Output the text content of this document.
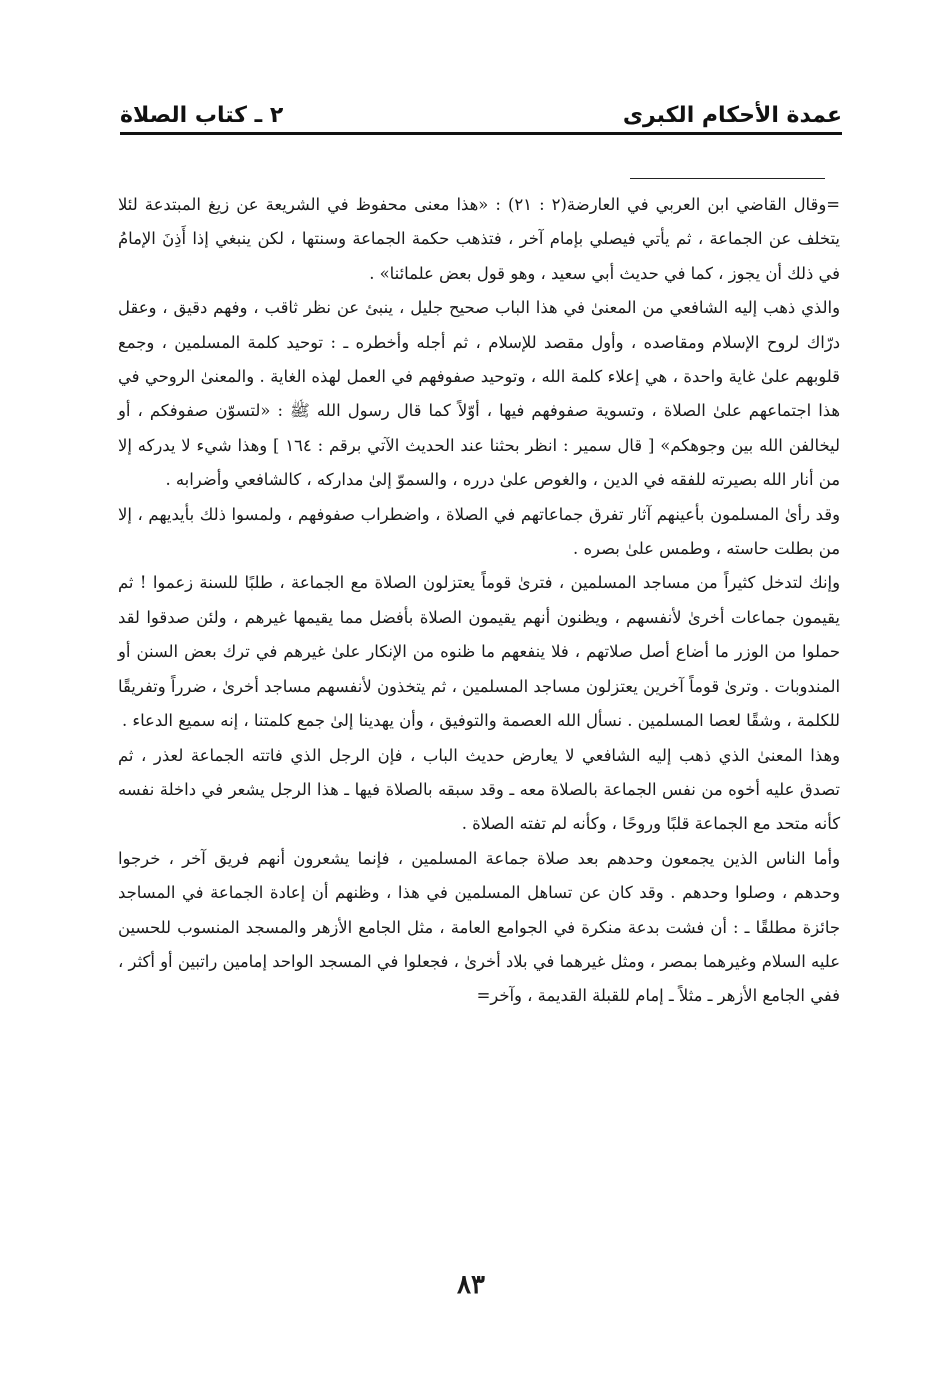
عمدة الأحكام الكبرى
٢ ـ كتاب الصلاة

=وقال القاضي ابن العربي في العارضة(٢ : ٢١) : «هذا معنى محفوظ في الشريعة عن زيغ المبتدعة لئلا يتخلف عن الجماعة ، ثم يأتي فيصلي بإمام آخر ، فتذهب حكمة الجماعة وسنتها ، لكن ينبغي إذا أَذِنَ الإمامُ في ذلك أن يجوز ، كما في حديث أبي سعيد ، وهو قول بعض علمائنا» .

والذي ذهب إليه الشافعي من المعنىٰ في هذا الباب صحيح جليل ، ينبئ عن نظر ثاقب ، وفهم دقيق ، وعقل درّاك لروح الإسلام ومقاصده ، وأول مقصد للإسلام ، ثم أجله وأخطره ـ : توحيد كلمة المسلمين ، وجمع قلوبهم علىٰ غاية واحدة ، هي إعلاء كلمة الله ، وتوحيد صفوفهم في العمل لهذه الغاية . والمعنىٰ الروحي في هذا اجتماعهم علىٰ الصلاة ، وتسوية صفوفهم فيها ، أوّلاً كما قال رسول الله ﷺ : «لتسوّن صفوفكم ، أو ليخالفن الله بين وجوهكم» [ قال سمير : انظر بحثنا عند الحديث الآتي برقم : ١٦٤ ] وهذا شيء لا يدركه إلا من أنار الله بصيرته للفقه في الدين ، والغوص علىٰ درره ، والسموّ إلىٰ مداركه ، كالشافعي وأضرابه .

وقد رأىٰ المسلمون بأعينهم آثار تفرق جماعاتهم في الصلاة ، واضطراب صفوفهم ، ولمسوا ذلك بأيديهم ، إلا من بطلت حاسته ، وطمس علىٰ بصره .

وإنك لتدخل كثيراً من مساجد المسلمين ، فترىٰ قوماً يعتزلون الصلاة مع الجماعة ، طلبًا للسنة زعموا ! ثم يقيمون جماعات أخرىٰ لأنفسهم ، ويظنون أنهم يقيمون الصلاة بأفضل مما يقيمها غيرهم ، ولئن صدقوا لقد حملوا من الوزر ما أضاع أصل صلاتهم ، فلا ينفعهم ما ظنوه من الإنكار علىٰ غيرهم في ترك بعض السنن أو المندوبات . وترىٰ قوماً آخرين يعتزلون مساجد المسلمين ، ثم يتخذون لأنفسهم مساجد أخرىٰ ، ضرراً وتفريقًا للكلمة ، وشقًا لعصا المسلمين . نسأل الله العصمة والتوفيق ، وأن يهدينا إلىٰ جمع كلمتنا ، إنه سميع الدعاء .

وهذا المعنىٰ الذي ذهب إليه الشافعي لا يعارض حديث الباب ، فإن الرجل الذي فاتته الجماعة لعذر ، ثم تصدق عليه أخوه من نفس الجماعة بالصلاة معه ـ وقد سبقه بالصلاة فيها ـ هذا الرجل يشعر في داخلة نفسه كأنه متحد مع الجماعة قلبًا وروحًا ، وكأنه لم تفته الصلاة .

وأما الناس الذين يجمعون وحدهم بعد صلاة جماعة المسلمين ، فإنما يشعرون أنهم فريق آخر ، خرجوا وحدهم ، وصلوا وحدهم . وقد كان عن تساهل المسلمين في هذا ، وظنهم أن إعادة الجماعة في المساجد جائزة مطلقًا ـ : أن فشت بدعة منكرة في الجوامع العامة ، مثل الجامع الأزهر والمسجد المنسوب للحسين عليه السلام وغيرهما بمصر ، ومثل غيرهما في بلاد أخرىٰ ، فجعلوا في المسجد الواحد إمامين راتبين أو أكثر ، ففي الجامع الأزهر ـ مثلاً ـ إمام للقبلة القديمة ، وآخر=

٨٣
